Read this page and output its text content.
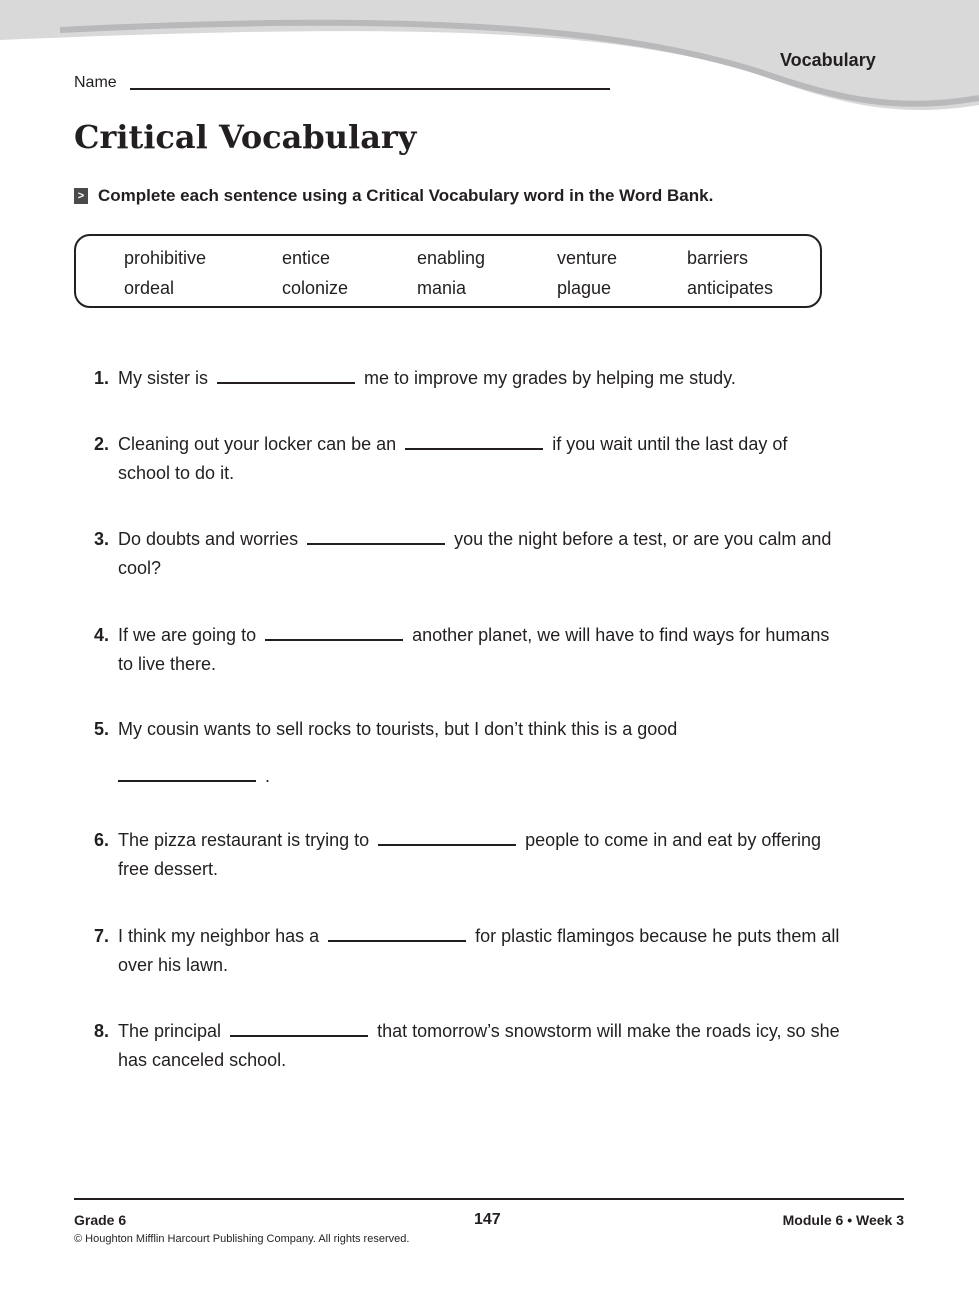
Vocabulary
Name
Critical Vocabulary
> Complete each sentence using a Critical Vocabulary word in the Word Bank.
prohibitive	entice	enabling	venture	barriers
ordeal	colonize	mania	plague	anticipates
1. My sister is	me to improve my grades by helping me study.
2. Cleaning out your locker can be an	if you wait until the last day of school to do it.
3. Do doubts and worries	you the night before a test, or are you calm and cool?
4. If we are going to	another planet, we will have to find ways for humans to live there.
5. My cousin wants to sell rocks to tourists, but I don’t think this is a good
.
6. The pizza restaurant is trying to	people to come in and eat by offering free dessert.
7. I think my neighbor has a	for plastic flamingos because he puts them all over his lawn.
8. The principal	that tomorrow’s snowstorm will make the roads icy, so she has canceled school.
Grade 6	147	Module 6 • Week 3
© Houghton Mifflin Harcourt Publishing Company. All rights reserved.
